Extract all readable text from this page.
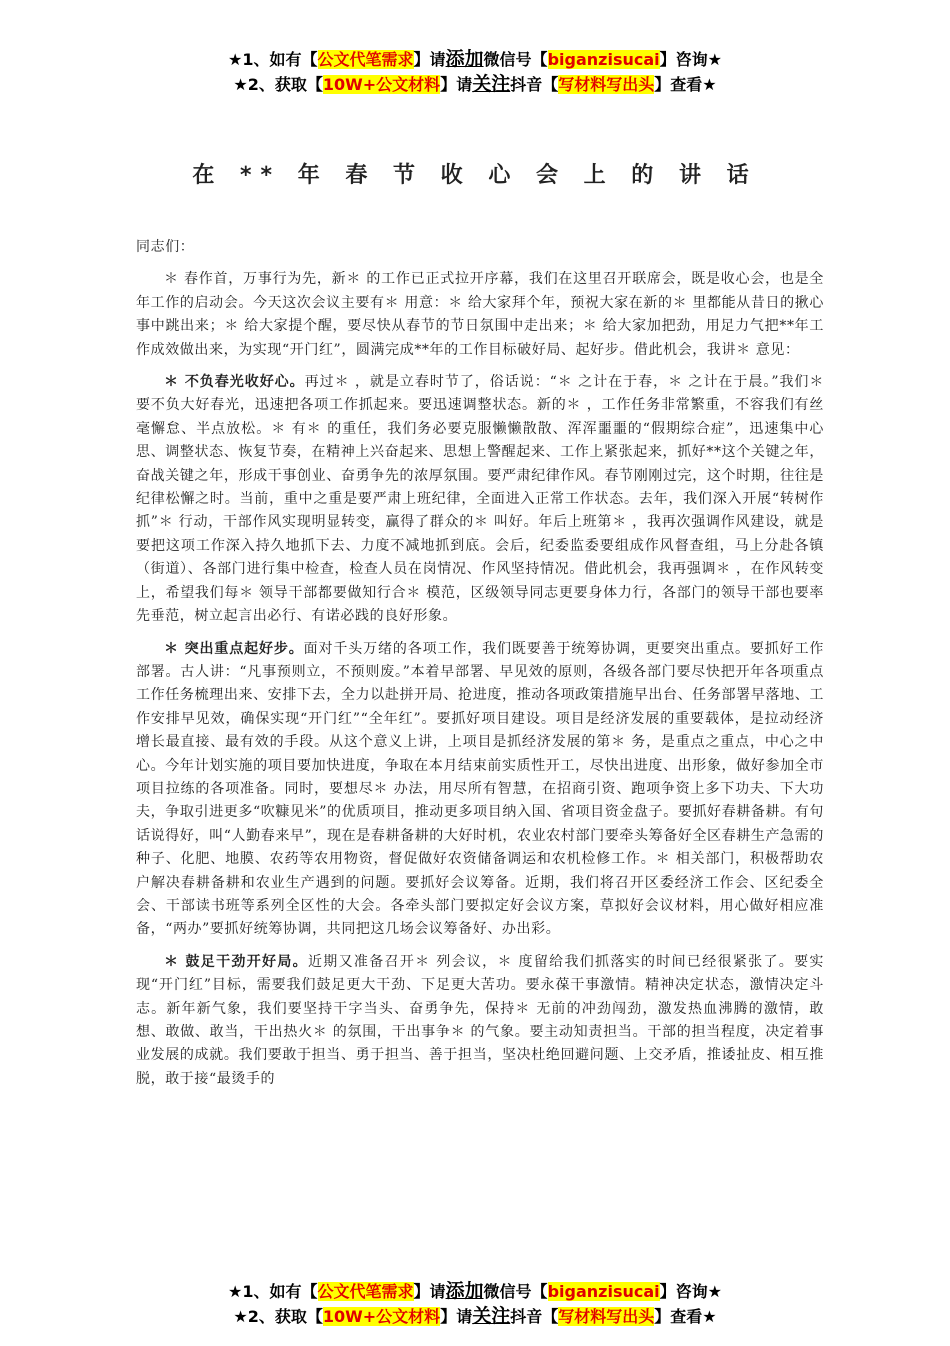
★1、如有【公文代笔需求】请添加微信号【biganzisucai】咨询★
★2、获取【10W+公文材料】请关注抖音【写材料写出头】查看★
在 ** 年 春 节 收 心 会 上 的 讲 话

同志们：

＊ 春作首，万事行为先，新＊ 的工作已正式拉开序幕，我们在这里召开联席会，既是收心会，也是全年工作的启动会。今天这次会议主要有＊ 用意：＊ 给大家拜个年，预祝大家在新的＊ 里都能从昔日的揪心事中跳出来；＊ 给大家提个醒，要尽快从春节的节日氛围中走出来；＊ 给大家加把劲，用足力气把**年工作成效做出来，为实现“开门红”，圆满完成**年的工作目标破好局、起好步。借此机会，我讲＊ 意见：

＊ 不负春光收好心。再过＊ ，就是立春时节了，俗话说：“＊ 之计在于春，＊ 之计在于晨。”我们＊ 要不负大好春光，迅速把各项工作抓起来。要迅速调整状态。新的＊ ，工作任务非常繁重，不容我们有丝毫懈怠、半点放松。＊ 有＊ 的重任，我们务必要克服懒懒散散、浑浑噩噩的“假期综合症”，迅速集中心思、调整状态、恢复节奏，在精神上兴奋起来、思想上警醒起来、工作上紧张起来，抓好**这个关键之年，奋战关键之年，形成干事创业、奋勇争先的浓厚氛围。要严肃纪律作风。春节刚刚过完，这个时期，往往是纪律松懈之时。当前，重中之重是要严肃上班纪律，全面进入正常工作状态。去年，我们深入开展“转树作抓”＊ 行动，干部作风实现明显转变，赢得了群众的＊ 叫好。年后上班第＊ ，我再次强调作风建设，就是要把这项工作深入持久地抓下去、力度不减地抓到底。会后，纪委监委要组成作风督查组，马上分赴各镇（街道）、各部门进行集中检查，检查人员在岗情况、作风坚持情况。借此机会，我再强调＊ ，在作风转变上，希望我们每＊ 领导干部都要做知行合＊ 模范，区级领导同志更要身体力行，各部门的领导干部也要率先垂范，树立起言出必行、有诺必践的良好形象。

＊ 突出重点起好步。面对千头万绪的各项工作，我们既要善于统筹协调，更要突出重点。要抓好工作部署。古人讲：“凡事预则立，不预则废。”本着早部署、早见效的原则，各级各部门要尽快把开年各项重点工作任务梳理出来、安排下去，全力以赴拼开局、抢进度，推动各项政策措施早出台、任务部署早落地、工作安排早见效，确保实现“开门红”“全年红”。要抓好项目建设。项目是经济发展的重要载体，是拉动经济增长最直接、最有效的手段。从这个意义上讲，上项目是抓经济发展的第＊ 务，是重点之重点，中心之中心。今年计划实施的项目要加快进度，争取在本月结束前实质性开工，尽快出进度、出形象，做好参加全市项目拉练的各项准备。同时，要想尽＊ 办法，用尽所有智慧，在招商引资、跑项争资上多下功夫、下大功夫，争取引进更多“吹糠见米”的优质项目，推动更多项目纳入国、省项目资金盘子。要抓好春耕备耕。有句话说得好，叫“人勤春来早”，现在是春耕备耕的大好时机，农业农村部门要牵头筹备好全区春耕生产急需的种子、化肥、地膜、农药等农用物资，督促做好农资储备调运和农机检修工作。＊ 相关部门，积极帮助农户解决春耕备耕和农业生产遇到的问题。要抓好会议筹备。近期，我们将召开区委经济工作会、区纪委全会、干部读书班等系列全区性的大会。各牵头部门要拟定好会议方案，草拟好会议材料，用心做好相应准备，“两办”要抓好统筹协调，共同把这几场会议筹备好、办出彩。

＊ 鼓足干劲开好局。近期又准备召开＊ 列会议，＊ 度留给我们抓落实的时间已经很紧张了。要实现“开门红”目标，需要我们鼓足更大干劲、下足更大苦功。要永葆干事激情。精神决定状态，激情决定斗志。新年新气象，我们要坚持干字当头、奋勇争先，保持＊ 无前的冲劲闯劲，激发热血沸腾的激情，敢想、敢做、敢当，干出热火＊ 的氛围，干出事争＊ 的气象。要主动知责担当。干部的担当程度，决定着事业发展的成就。我们要敢于担当、勇于担当、善于担当，坚决杜绝回避问题、上交矛盾，推诿扯皮、相互推脱，敢于接“最烫手的

★1、如有【公文代笔需求】请添加微信号【biganzisucai】咨询★
★2、获取【10W+公文材料】请关注抖音【写材料写出头】查看★
